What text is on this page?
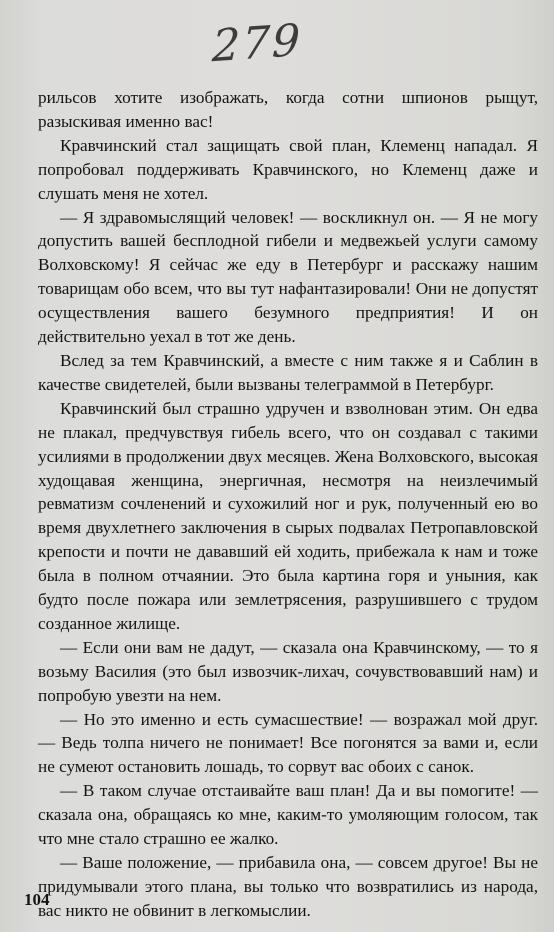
279

рильсов хотите изображать, когда сотни шпионов рыщут, разыскивая именно вас!

Кравчинский стал защищать свой план, Клеменц нападал. Я попробовал поддерживать Кравчинского, но Клеменц даже и слушать меня не хотел.

— Я здравомыслящий человек! — воскликнул он. — Я не могу допустить вашей бесплодной гибели и медвежьей услуги самому Волховскому! Я сейчас же еду в Петербург и расскажу нашим товарищам обо всем, что вы тут нафантазировали! Они не допустят осуществления вашего безумного предприятия! И он действительно уехал в тот же день.

Вслед за тем Кравчинский, а вместе с ним также я и Саблин в качестве свидетелей, были вызваны телеграммой в Петербург.

Кравчинский был страшно удручен и взволнован этим. Он едва не плакал, предчувствуя гибель всего, что он создавал с такими усилиями в продолжении двух месяцев. Жена Волховского, высокая худощавая женщина, энергичная, несмотря на неизлечимый ревматизм сочленений и сухожилий ног и рук, полученный ею во время двухлетнего заключения в сырых подвалах Петропавловской крепости и почти не дававший ей ходить, прибежала к нам и тоже была в полном отчаянии. Это была картина горя и уныния, как будто после пожара или землетрясения, разрушившего с трудом созданное жилище.

— Если они вам не дадут, — сказала она Кравчинскому, — то я возьму Василия (это был извозчик-лихач, сочувствовавший нам) и попробую увезти на нем.

— Но это именно и есть сумасшествие! — возражал мой друг. — Ведь толпа ничего не понимает! Все погонятся за вами и, если не сумеют остановить лошадь, то сорвут вас обоих с санок.

— В таком случае отстаивайте ваш план! Да и вы помогите! — сказала она, обращаясь ко мне, каким-то умоляющим голосом, так что мне стало страшно ее жалко.

— Ваше положение, — прибавила она, — совсем другое! Вы не придумывали этого плана, вы только что возвратились из народа, вас никто не обвинит в легкомыслии.

104
